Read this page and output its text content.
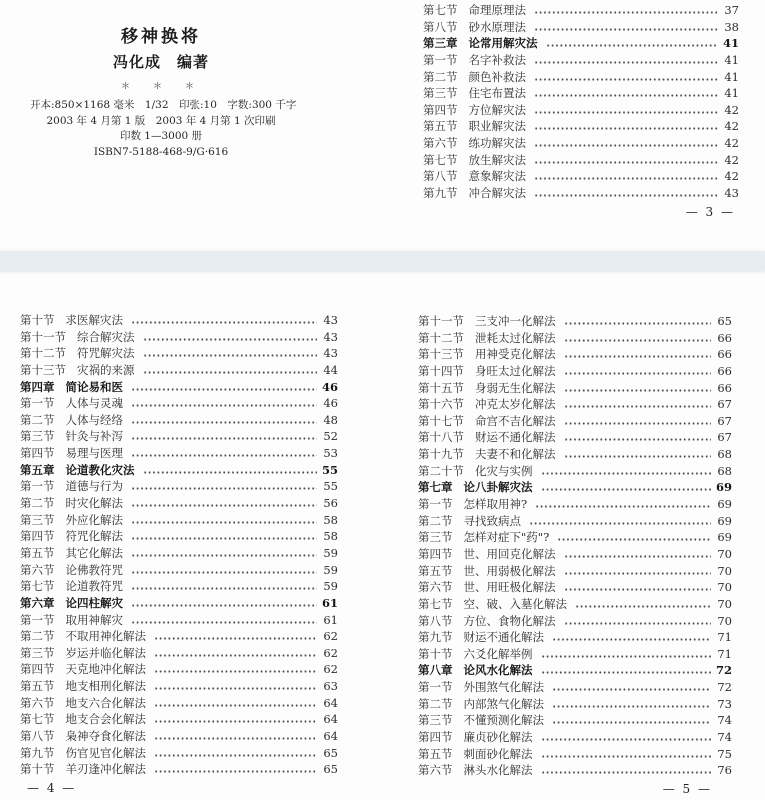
移神换将
冯化成　编著
＊　＊　＊
开本:850×1168 毫米　1/32　印张:10　字数:300 千字
2003 年 4 月第 1 版　2003 年 4 月第 1 次印刷
印数 1—3000 册
ISBN7-5188-468-9/G·616
第七节 命理原理法	37
第八节 砂水原理法	38
第三章 论常用解灾法	41
第一节 名字补救法	41
第二节 颜色补救法	41
第三节 住宅布置法	41
第四节 方位解灾法	42
第五节 职业解灾法	42
第六节 练功解灾法	42
第七节 放生解灾法	42
第八节 意象解灾法	42
第九节 冲合解灾法	43
— 3 —
第十节 求医解灾法	43
第十一节 综合解灾法	43
第十二节 符咒解灾法	43
第十三节 灾祸的来源	44
第四章 简论易和医	46
第一节 人体与灵魂	46
第二节 人体与经络	48
第三节 针灸与补泻	52
第四节 易理与医理	53
第五章 论道教化灾法	55
第一节 道德与行为	55
第二节 时灾化解法	56
第三节 外应化解法	58
第四节 符咒化解法	58
第五节 其它化解法	59
第六节 论佛教符咒	59
第七节 论道教符咒	59
第六章 论四柱解灾	61
第一节 取用神解灾	61
第二节 不取用神化解法	62
第三节 岁运并临化解法	62
第四节 天克地冲化解法	62
第五节 地支相刑化解法	63
第六节 地支六合化解法	64
第七节 地支合会化解法	64
第八节 枭神夺食化解法	64
第九节 伤官见官化解法	65
第十节 羊刃逢冲化解法	65
— 4 —
第十一节 三支冲一化解法	65
第十二节 泄耗太过化解法	66
第十三节 用神受克化解法	66
第十四节 身旺太过化解法	66
第十五节 身弱无生化解法	66
第十六节 冲克太岁化解法	67
第十七节 命宫不吉化解法	67
第十八节 财运不通化解法	67
第十九节 夫妻不和化解法	68
第二十节 化灾与实例	68
第七章 论八卦解灾法	69
第一节 怎样取用神?	69
第二节 寻找致病点	69
第三节 怎样对症下"药"?	69
第四节 世、用回克化解法	70
第五节 世、用弱极化解法	70
第六节 世、用旺极化解法	70
第七节 空、破、入墓化解法	70
第八节 方位、食物化解法	70
第九节 财运不通化解法	71
第十节 六爻化解举例	71
第八章 论风水化解法	72
第一节 外围煞气化解法	72
第二节 内部煞气化解法	73
第三节 不懂预测化解法	74
第四节 廉贞砂化解法	74
第五节 刺面砂化解法	75
第六节 淋头水化解法	76
— 5 —
